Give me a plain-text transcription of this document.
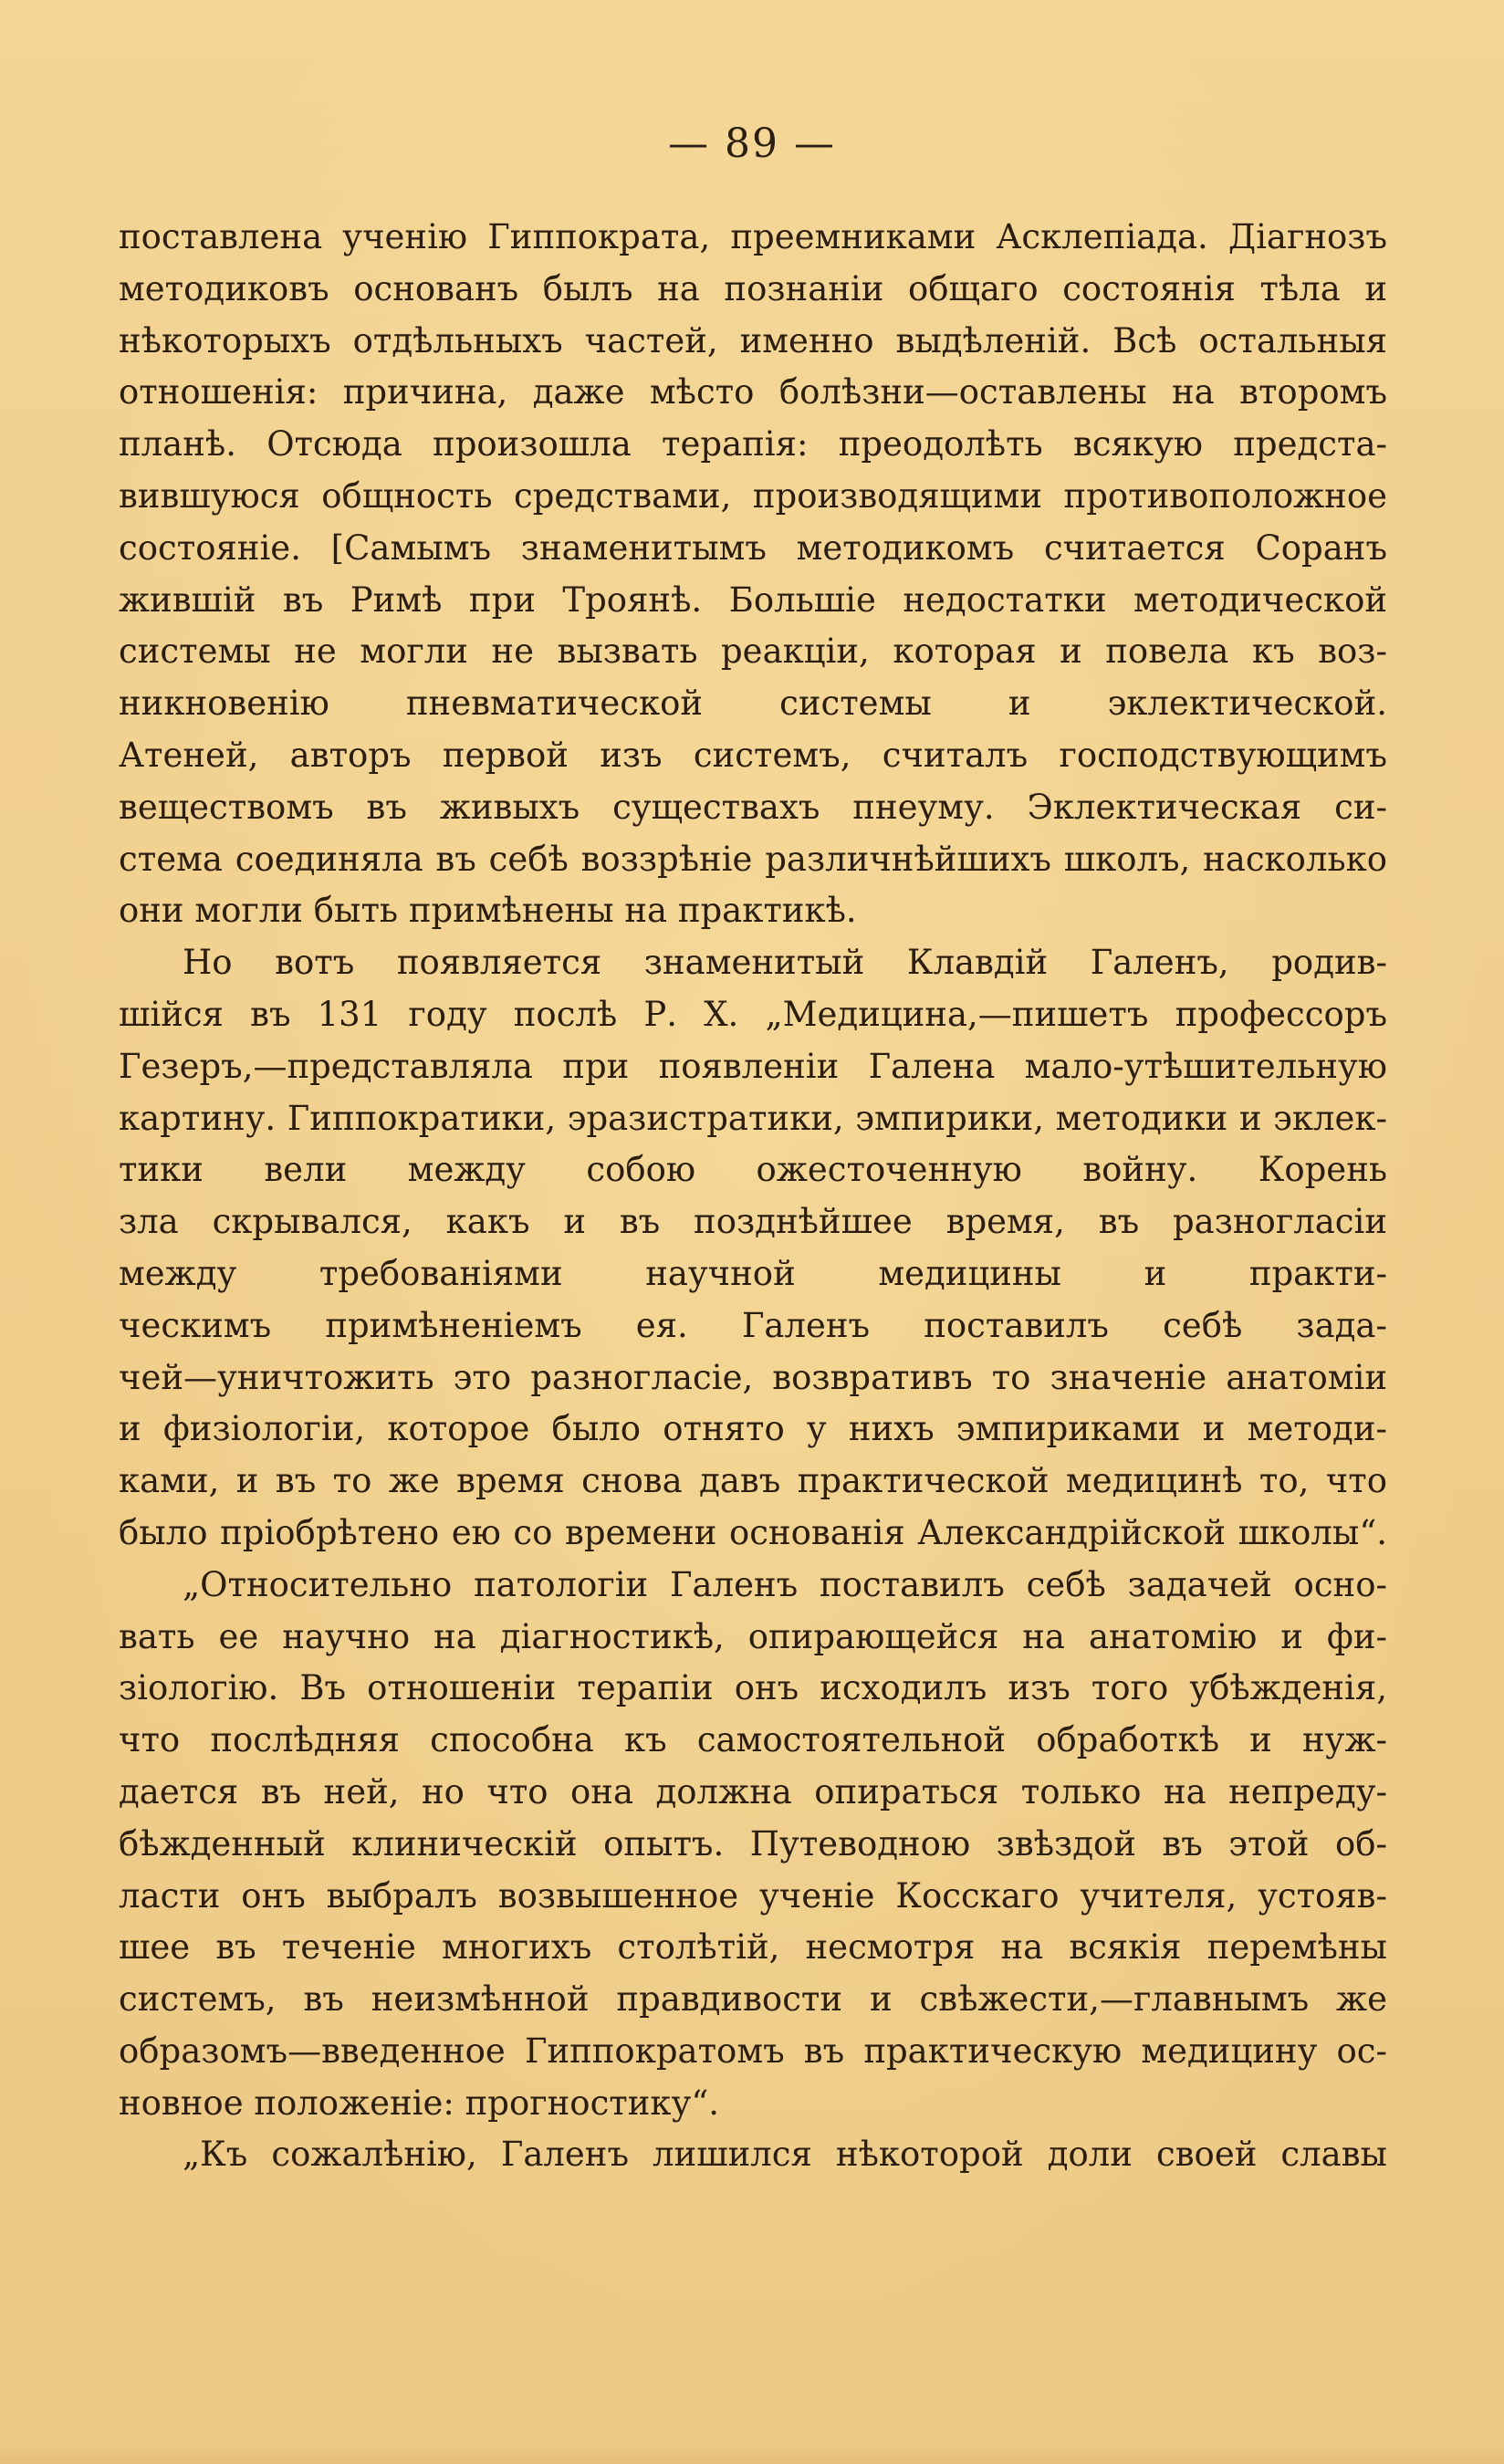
— 89 —
поставлена ученію Гиппократа, преемниками Асклепіада. Діагнозъ
методиковъ основанъ былъ на познаніи общаго состоянія тѣла и
нѣкоторыхъ отдѣльныхъ частей, именно выдѣленій. Всѣ остальныя
отношенія: причина, даже мѣсто болѣзни—оставлены на второмъ
планѣ. Отсюда произошла терапія: преодолѣть всякую предста-
вившуюся общность средствами, производящими противоположное
состояніе. [Самымъ знаменитымъ методикомъ считается Соранъ
жившій въ Римѣ при Троянѣ. Большіе недостатки методической
системы не могли не вызвать реакціи, которая и повела къ воз-
никновенію пневматической системы и эклектической.
Атеней, авторъ первой изъ системъ, считалъ господствующимъ
веществомъ въ живыхъ существахъ пнеуму. Эклектическая си-
стема соединяла въ себѣ воззрѣніе различнѣйшихъ школъ, насколько
они могли быть примѣнены на практикѣ.
Но вотъ появляется знаменитый Клавдій Галенъ, родив-
шійся въ 131 году послѣ Р. Х. „Медицина,—пишетъ профессоръ
Гезеръ,—представляла при появленіи Галена мало-утѣшительную
картину. Гиппократики, эразистратики, эмпирики, методики и эклек-
тики вели между собою ожесточенную войну. Корень
зла скрывался, какъ и въ позднѣйшее время, въ разногласіи
между требованіями научной медицины и практи-
ческимъ примѣненіемъ ея. Галенъ поставилъ себѣ зада-
чей—уничтожить это разногласіе, возвративъ то значеніе анатоміи
и физіологіи, которое было отнято у нихъ эмпириками и методи-
ками, и въ то же время снова давъ практической медицинѣ то, что
было пріобрѣтено ею со времени основанія Александрійской школы“.
„Относительно патологіи Галенъ поставилъ себѣ задачей осно-
вать ее научно на діагностикѣ, опирающейся на анатомію и фи-
зіологію. Въ отношеніи терапіи онъ исходилъ изъ того убѣжденія,
что послѣдняя способна къ самостоятельной обработкѣ и нуж-
дается въ ней, но что она должна опираться только на непреду-
бѣжденный клиническій опытъ. Путеводною звѣздой въ этой об-
ласти онъ выбралъ возвышенное ученіе Косскаго учителя, устояв-
шее въ теченіе многихъ столѣтій, несмотря на всякія перемѣны
системъ, въ неизмѣнной правдивости и свѣжести,—главнымъ же
образомъ—введенное Гиппократомъ въ практическую медицину ос-
новное положеніе: прогностику“.
„Къ сожалѣнію, Галенъ лишился нѣкоторой доли своей славы
